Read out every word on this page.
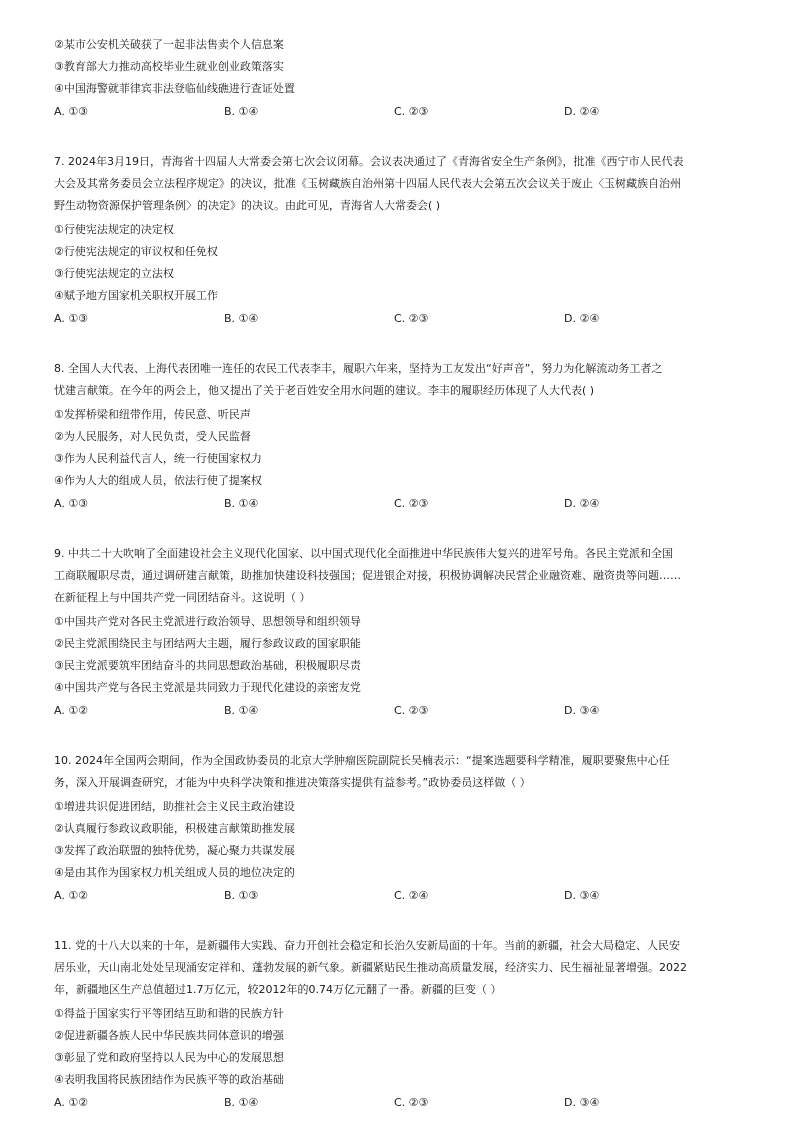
②某市公安机关破获了一起非法售卖个人信息案
③教育部大力推动高校毕业生就业创业政策落实
④中国海警就菲律宾非法登临仙线礁进行查证处置
A. ①③	B. ①④	C. ②③	D. ②④
7. 2024年3月19日，青海省十四届人大常委会第七次会议闭幕。会议表决通过了《青海省安全生产条例》，批准《西宁市人民代表
大会及其常务委员会立法程序规定》的决议，批准《玉树藏族自治州第十四届人民代表大会第五次会议关于废止〈玉树藏族自治州
野生动物资源保护管理条例〉的决定》的决议。由此可见，青海省人大常委会( )
①行使宪法规定的决定权
②行使宪法规定的审议权和任免权
③行使宪法规定的立法权
④赋予地方国家机关职权开展工作
A. ①③	B. ①④	C. ②③	D. ②④
8. 全国人大代表、上海代表团唯一连任的农民工代表李丰，履职六年来，坚持为工友发出“好声音”，努力为化解流动务工者之
忧建言献策。在今年的两会上，他又提出了关于老百姓安全用水问题的建议。李丰的履职经历体现了人大代表( )
①发挥桥梁和纽带作用，传民意、听民声
②为人民服务，对人民负责，受人民监督
③作为人民利益代言人，统一行使国家权力
④作为人大的组成人员，依法行使了提案权
A. ①③	B. ①④	C. ②③	D. ②④
9. 中共二十大吹响了全面建设社会主义现代化国家、以中国式现代化全面推进中华民族伟大复兴的进军号角。各民主党派和全国
工商联履职尽责，通过调研建言献策，助推加快建设科技强国；促进银企对接，积极协调解决民营企业融资难、融资贵等问题……
在新征程上与中国共产党一同团结奋斗。这说明（ ）
①中国共产党对各民主党派进行政治领导、思想领导和组织领导
②民主党派围绕民主与团结两大主题，履行参政议政的国家职能
③民主党派要筑牢团结奋斗的共同思想政治基础，积极履职尽责
④中国共产党与各民主党派是共同致力于现代化建设的亲密友党
A. ①②	B. ①④	C. ②③	D. ③④
10. 2024年全国两会期间，作为全国政协委员的北京大学肿瘤医院副院长吴楠表示：“提案选题要科学精准，履职要聚焦中心任
务，深入开展调查研究，才能为中央科学决策和推进决策落实提供有益参考。”政协委员这样做（ ）
①增进共识促进团结，助推社会主义民主政治建设
②认真履行参政议政职能，积极建言献策助推发展
③发挥了政治联盟的独特优势，凝心聚力共谋发展
④是由其作为国家权力机关组成人员的地位决定的
A. ①②	B. ①③	C. ②④	D. ③④
11. 党的十八大以来的十年，是新疆伟大实践、奋力开创社会稳定和长治久安新局面的十年。当前的新疆，社会大局稳定、人民安
居乐业，天山南北处处呈现涌安定祥和、蓬勃发展的新气象。新疆紧贴民生推动高质量发展，经济实力、民生福祉显著增强。2022
年，新疆地区生产总值超过1.7万亿元，较2012年的0.74万亿元翻了一番。新疆的巨变（ ）
①得益于国家实行平等团结互助和谐的民族方针
②促进新疆各族人民中华民族共同体意识的增强
③彰显了党和政府坚持以人民为中心的发展思想
④表明我国将民族团结作为民族平等的政治基础
A. ①②	B. ①④	C. ②③	D. ③④
